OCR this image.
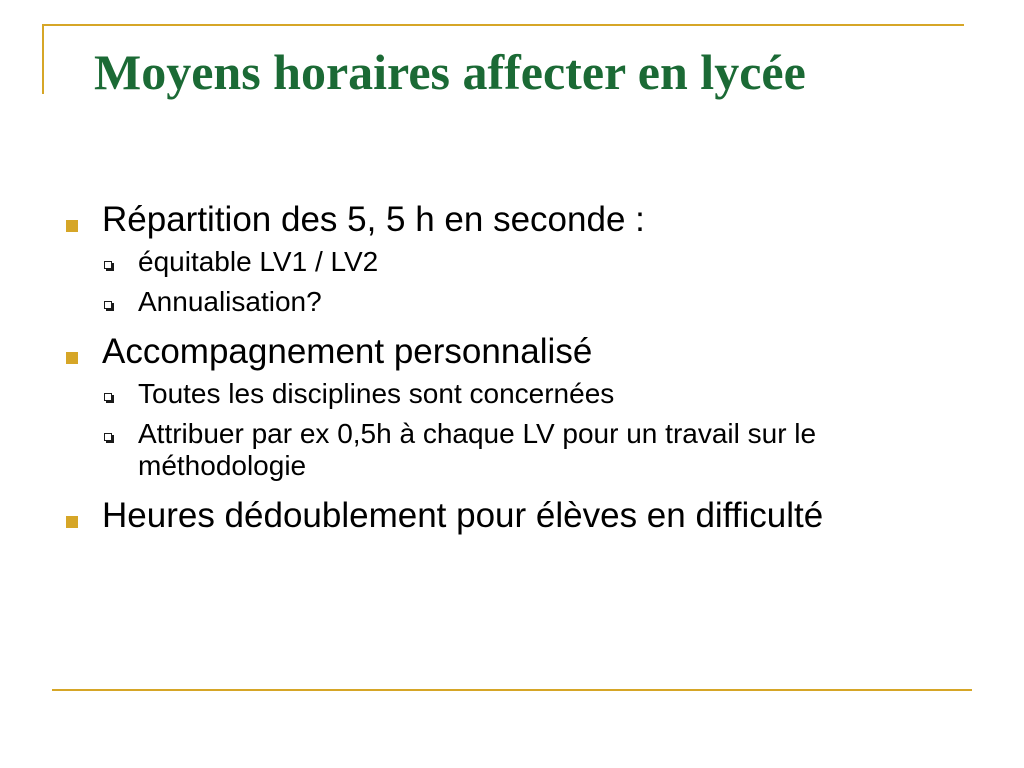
Moyens horaires affecter en lycée
Répartition des 5, 5 h en seconde :
équitable LV1 / LV2
Annualisation?
Accompagnement personnalisé
Toutes les disciplines sont concernées
Attribuer par ex 0,5h à chaque LV pour un travail sur le méthodologie
Heures dédoublement pour élèves en difficulté
